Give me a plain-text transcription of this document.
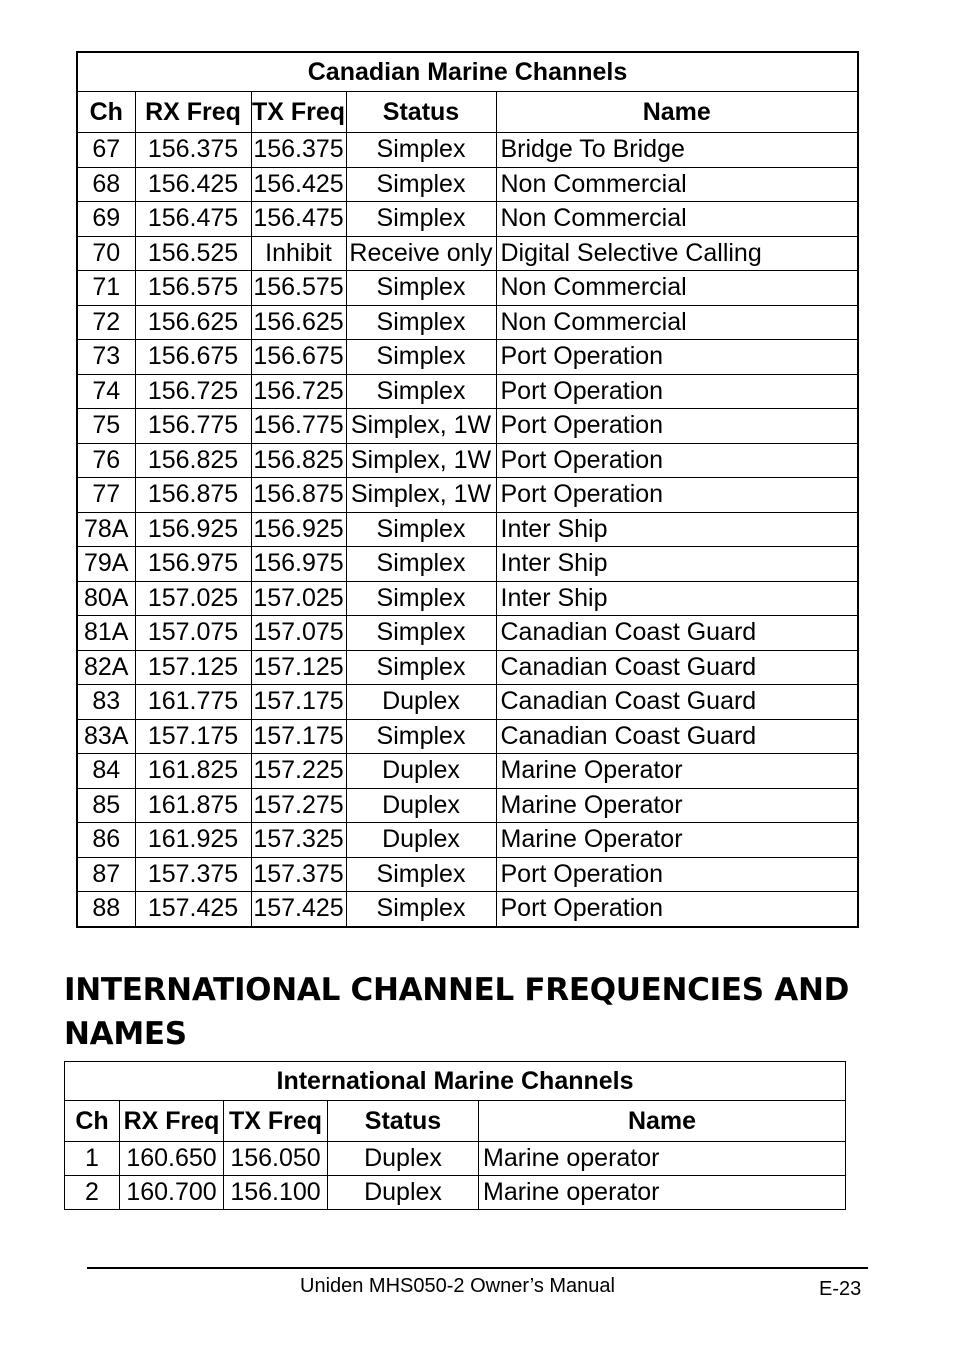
Canadian Marine Channels				
Ch	RX Freq	TX Freq	Status	Name
67	156.375	156.375	Simplex	Bridge To Bridge
68	156.425	156.425	Simplex	Non Commercial
69	156.475	156.475	Simplex	Non Commercial
70	156.525	Inhibit	Receive only	Digital Selective Calling
71	156.575	156.575	Simplex	Non Commercial
72	156.625	156.625	Simplex	Non Commercial
73	156.675	156.675	Simplex	Port Operation
74	156.725	156.725	Simplex	Port Operation
75	156.775	156.775	Simplex, 1W	Port Operation
76	156.825	156.825	Simplex, 1W	Port Operation
77	156.875	156.875	Simplex, 1W	Port Operation
78A	156.925	156.925	Simplex	Inter Ship
79A	156.975	156.975	Simplex	Inter Ship
80A	157.025	157.025	Simplex	Inter Ship
81A	157.075	157.075	Simplex	Canadian Coast Guard
82A	157.125	157.125	Simplex	Canadian Coast Guard
83	161.775	157.175	Duplex	Canadian Coast Guard
83A	157.175	157.175	Simplex	Canadian Coast Guard
84	161.825	157.225	Duplex	Marine Operator
85	161.875	157.275	Duplex	Marine Operator
86	161.925	157.325	Duplex	Marine Operator
87	157.375	157.375	Simplex	Port Operation
88	157.425	157.425	Simplex	Port Operation
INTERNATIONAL CHANNEL FREQUENCIES AND NAMES
International Marine Channels				
Ch	RX Freq	TX Freq	Status	Name
1	160.650	156.050	Duplex	Marine operator
2	160.700	156.100	Duplex	Marine operator
Uniden MHS050-2 Owner’s Manual	E-23
